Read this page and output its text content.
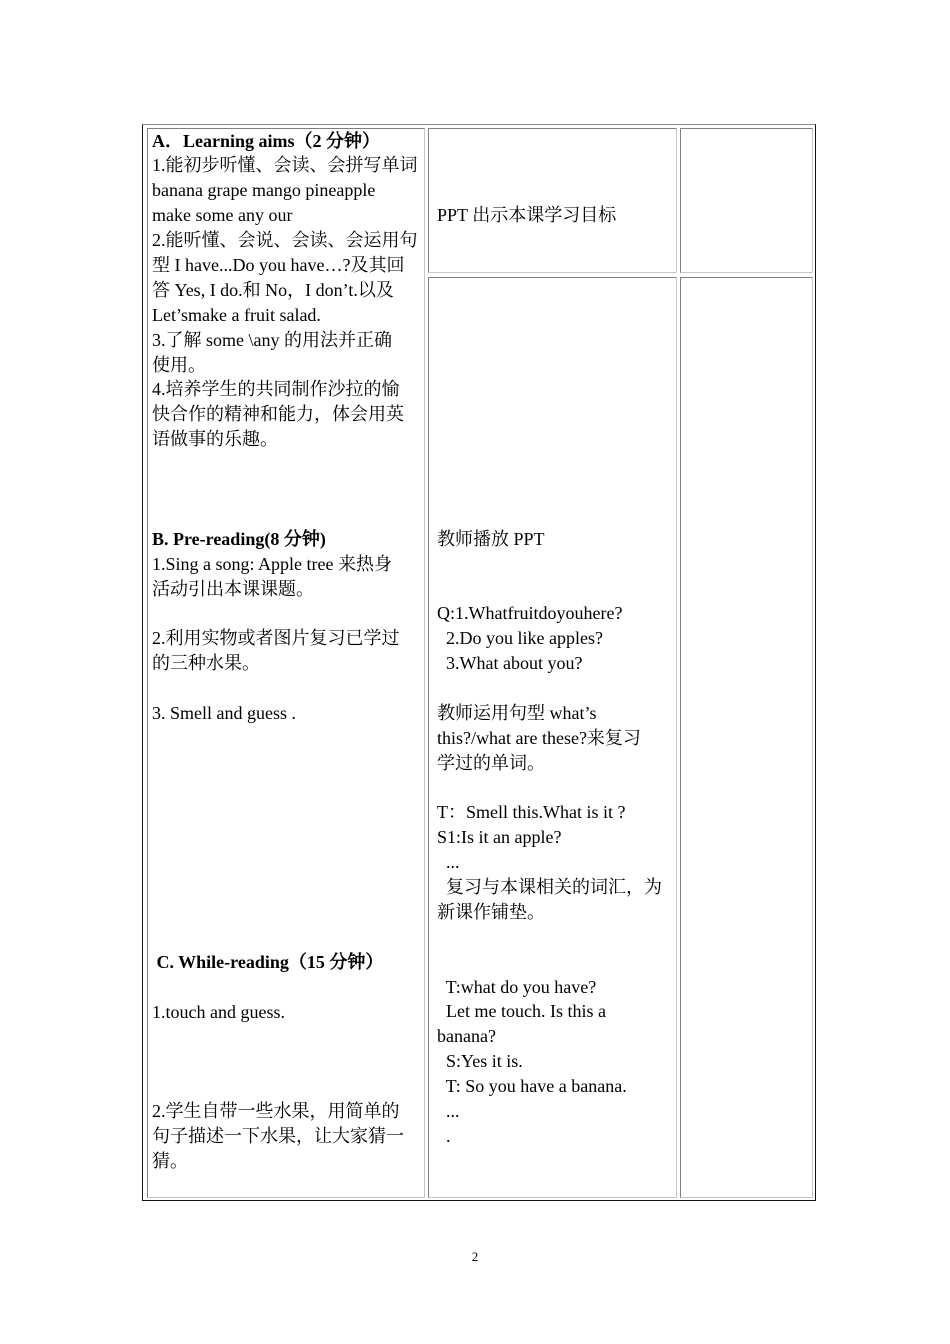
A．Learning aims（2 分钟）
1.能初步听懂、会读、会拼写单词
banana grape mango pineapple
make some any our
2.能听懂、会说、会读、会运用句
型 I have...Do you have…?及其回
答 Yes, I do.和 No，I don’t.以及
Let’smake a fruit salad.
3.了解 some \any 的用法并正确
使用。
4.培养学生的共同制作沙拉的愉
快合作的精神和能力，体会用英
语做事的乐趣。
B. Pre-reading(8 分钟)
1.Sing a song: Apple tree 来热身
活动引出本课课题。
2.利用实物或者图片复习已学过
的三种水果。
3. Smell and guess .
C. While-reading（15 分钟）
1.touch and guess.
2.学生自带一些水果，用简单的
句子描述一下水果，让大家猜一
猜。
PPT 出示本课学习目标
教师播放 PPT
Q:1.Whatfruitdoyouhere?
2.Do you like apples?
3.What about you?
教师运用句型 what’s
this?/what are these?来复习
学过的单词。
T：Smell this.What is it ?
S1:Is it an apple?
...
复习与本课相关的词汇，为
新课作铺垫。
T:what do you have?
Let me touch. Is this a
banana?
S:Yes it is.
T: So you have a banana.
...
.
2
